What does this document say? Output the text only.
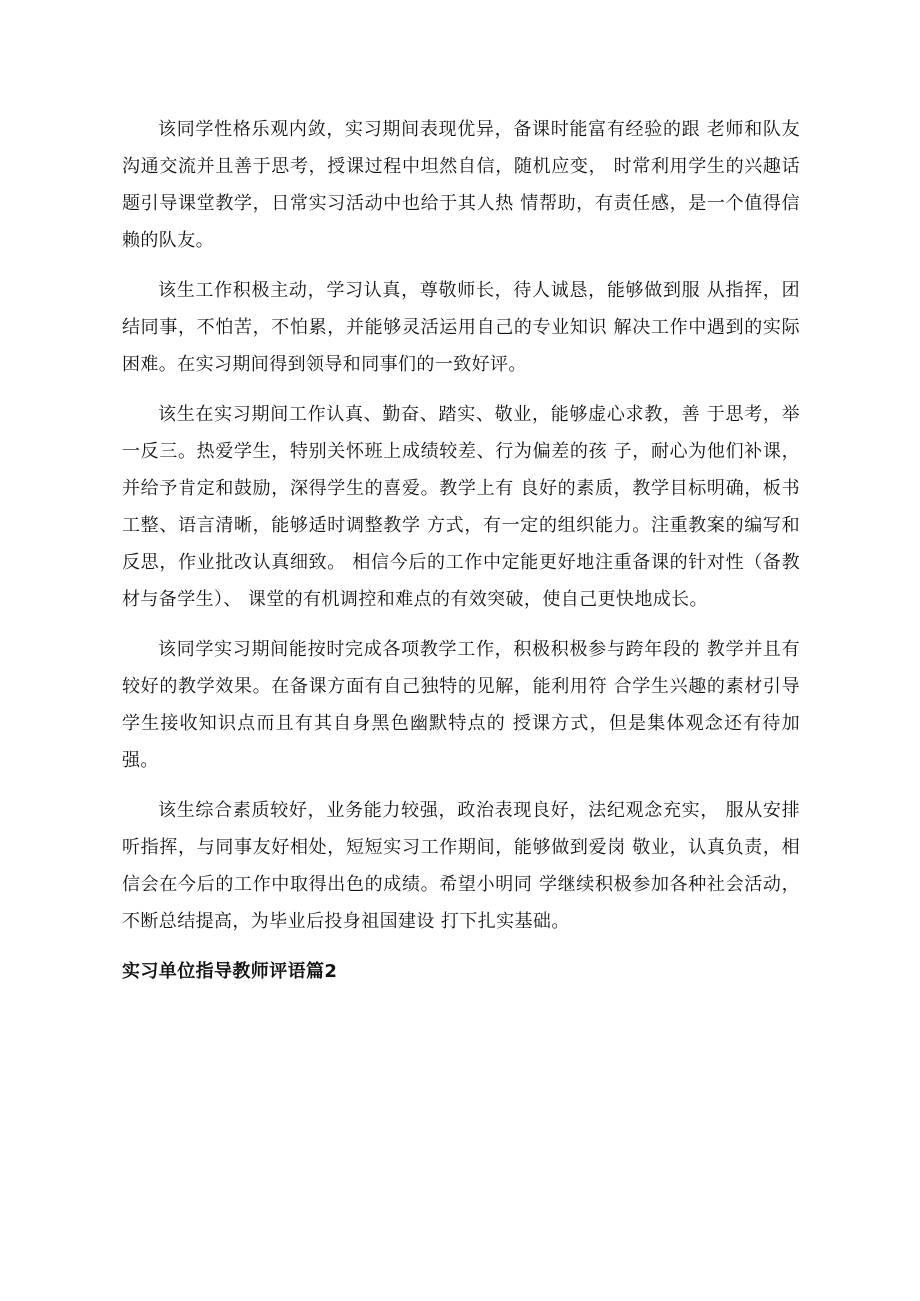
该同学性格乐观内敛，实习期间表现优异，备课时能富有经验的跟 老师和队友沟通交流并且善于思考，授课过程中坦然自信，随机应变， 时常利用学生的兴趣话题引导课堂教学，日常实习活动中也给于其人热 情帮助，有责任感，是一个值得信赖的队友。

该生工作积极主动，学习认真，尊敬师长，待人诚恳，能够做到服 从指挥，团结同事，不怕苦，不怕累，并能够灵活运用自己的专业知识 解决工作中遇到的实际困难。在实习期间得到领导和同事们的一致好评。

该生在实习期间工作认真、勤奋、踏实、敬业，能够虚心求教，善 于思考，举一反三。热爱学生，特别关怀班上成绩较差、行为偏差的孩 子，耐心为他们补课，并给予肯定和鼓励，深得学生的喜爱。教学上有 良好的素质，教学目标明确，板书工整、语言清晰，能够适时调整教学 方式，有一定的组织能力。注重教案的编写和反思，作业批改认真细致。 相信今后的工作中定能更好地注重备课的针对性（备教材与备学生）、 课堂的有机调控和难点的有效突破，使自己更快地成长。

该同学实习期间能按时完成各项教学工作，积极积极参与跨年段的 教学并且有较好的教学效果。在备课方面有自己独特的见解，能利用符 合学生兴趣的素材引导学生接收知识点而且有其自身黑色幽默特点的 授课方式，但是集体观念还有待加强。

该生综合素质较好，业务能力较强，政治表现良好，法纪观念充实， 服从安排听指挥，与同事友好相处，短短实习工作期间，能够做到爱岗 敬业，认真负责，相信会在今后的工作中取得出色的成绩。希望小明同 学继续积极参加各种社会活动，不断总结提高，为毕业后投身祖国建设 打下扎实基础。

实习单位指导教师评语篇2
